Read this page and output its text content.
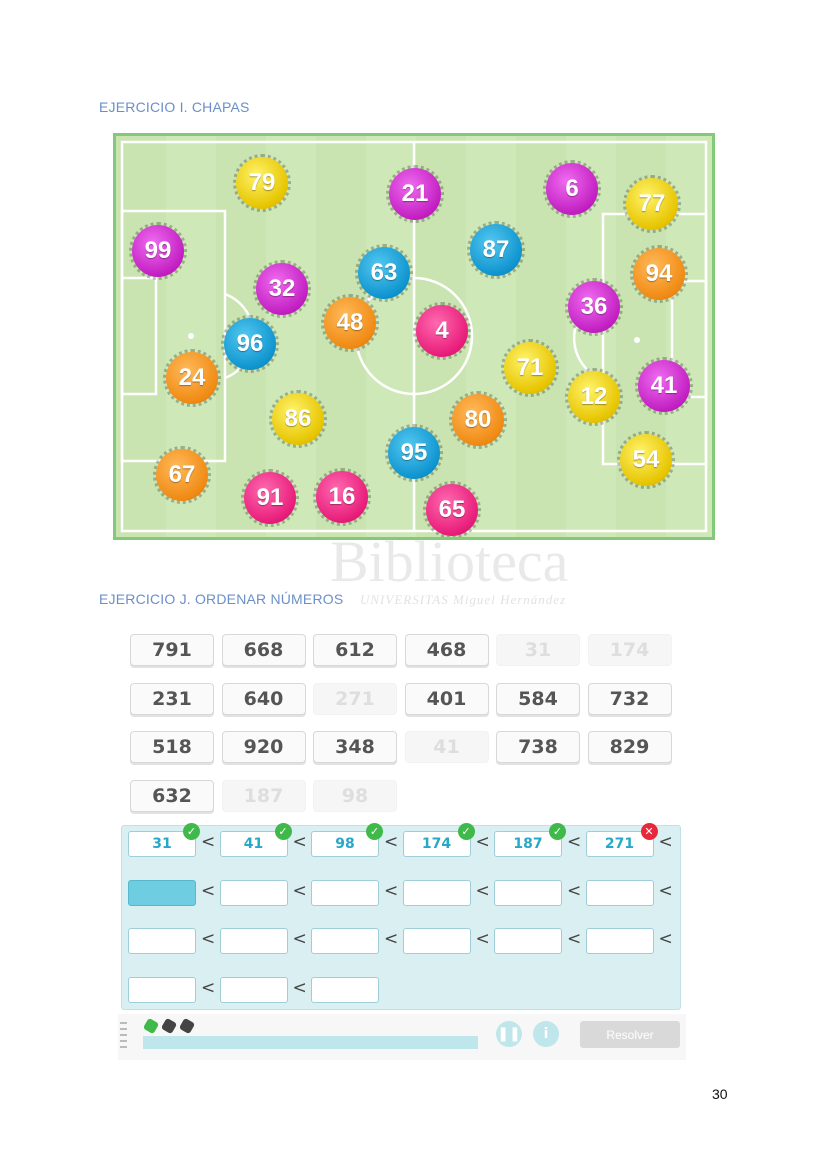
EJERCICIO I. CHAPAS
79	21	6
77
99	87
63	94
32
36
48	4
96
71
24	41
12
86	80
95	54
67
91 16	65
Biblioteca
EJERCICIO J. ORDENAR NÚMEROS UNIVERSITAS Miguel Hernández
791	668	612	468	31	174
231	640	271	401	584	732
518	920	348	41	738	829
632	187	98
31	<
✓
41	<
✓
98	<
✓
174	<
✓
187	<
✓
271	<
✕
<	<	<	<	<	<
<	<	<	<	<	<
<	<
❚❚	i	Resolver
30
